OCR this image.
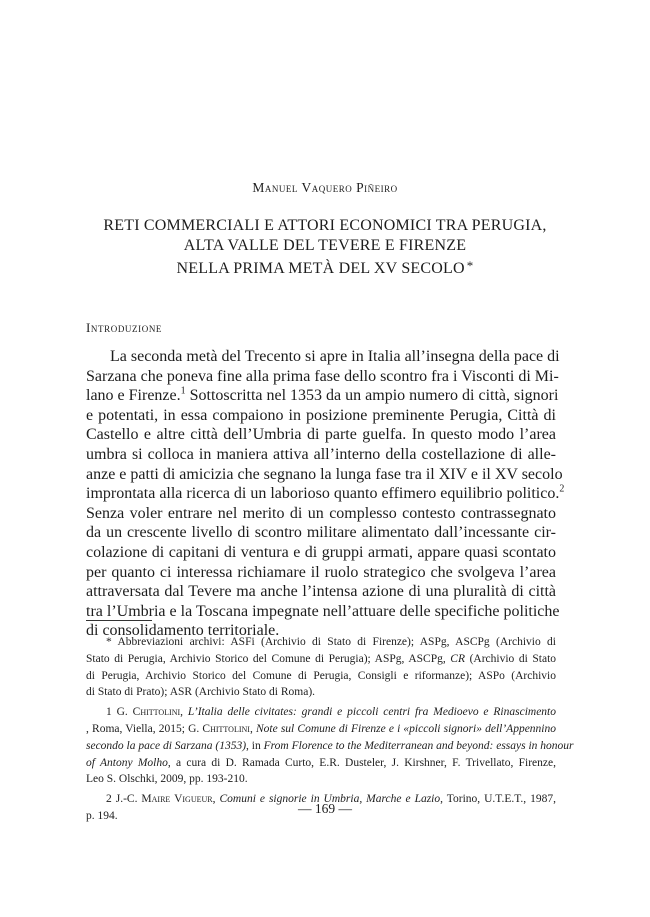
Manuel Vaquero Piñeiro
RETI COMMERCIALI E ATTORI ECONOMICI TRA PERUGIA,
ALTA VALLE DEL TEVERE E FIRENZE
NELLA PRIMA METÀ DEL XV SECOLO *
Introduzione
La seconda metà del Trecento si apre in Italia all’insegna della pace di
Sarzana che poneva fine alla prima fase dello scontro fra i Visconti di Mi-
lano e Firenze.$^1$ Sottoscritta nel 1353 da un ampio numero di città, signori
e potentati, in essa compaiono in posizione preminente Perugia, Città di
Castello e altre città dell’Umbria di parte guelfa. In questo modo l’area
umbra si colloca in maniera attiva all’interno della costellazione di alle-
anze e patti di amicizia che segnano la lunga fase tra il XIV e il XV secolo
improntata alla ricerca di un laborioso quanto effimero equilibrio politico.$^2$
Senza voler entrare nel merito di un complesso contesto contrassegnato
da un crescente livello di scontro militare alimentato dall’incessante cir-
colazione di capitani di ventura e di gruppi armati, appare quasi scontato
per quanto ci interessa richiamare il ruolo strategico che svolgeva l’area
attraversata dal Tevere ma anche l’intensa azione di una pluralità di città
tra l’Umbria e la Toscana impegnate nell’attuare delle specifiche politiche
di consolidamento territoriale.
* Abbreviazioni archivi: ASFi (Archivio di Stato di Firenze); ASPg, ASCPg (Archivio di
Stato di Perugia, Archivio Storico del Comune di Perugia); ASPg, ASCPg, CR (Archivio di Stato
di Perugia, Archivio Storico del Comune di Perugia, Consigli e riformanze); ASPo (Archivio
di Stato di Prato); ASR (Archivio Stato di Roma).
1 G. Chittolini, L’Italia delle civitates: grandi e piccoli centri fra Medioevo e Rinascimento
, Roma, Viella, 2015; G. Chittolini, Note sul Comune di Firenze e i «piccoli signori» dell’Appennino
secondo la pace di Sarzana (1353), in From Florence to the Mediterranean and beyond: essays in honour
of Antony Molho, a cura di D. Ramada Curto, E.R. Dusteler, J. Kirshner, F. Trivellato, Firenze,
Leo S. Olschki, 2009, pp. 193-210.
2 J.-C. Maire Vigueur, Comuni e signorie in Umbria, Marche e Lazio, Torino, U.T.E.T., 1987,
p. 194.	— 169 —
